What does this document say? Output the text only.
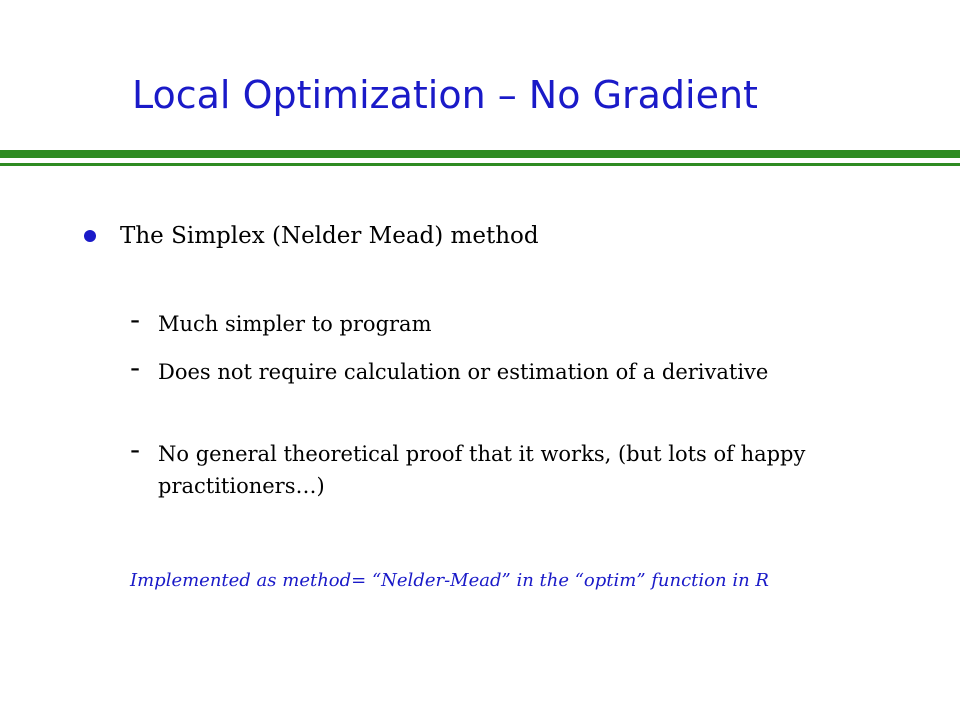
Local Optimization – No Gradient
The Simplex (Nelder Mead) method
- Much simpler to program
- Does not require calculation or estimation of a derivative
- No general theoretical proof that it works, (but lots of happy practitioners…)
Implemented as method= “Nelder-Mead” in the “optim” function in R
